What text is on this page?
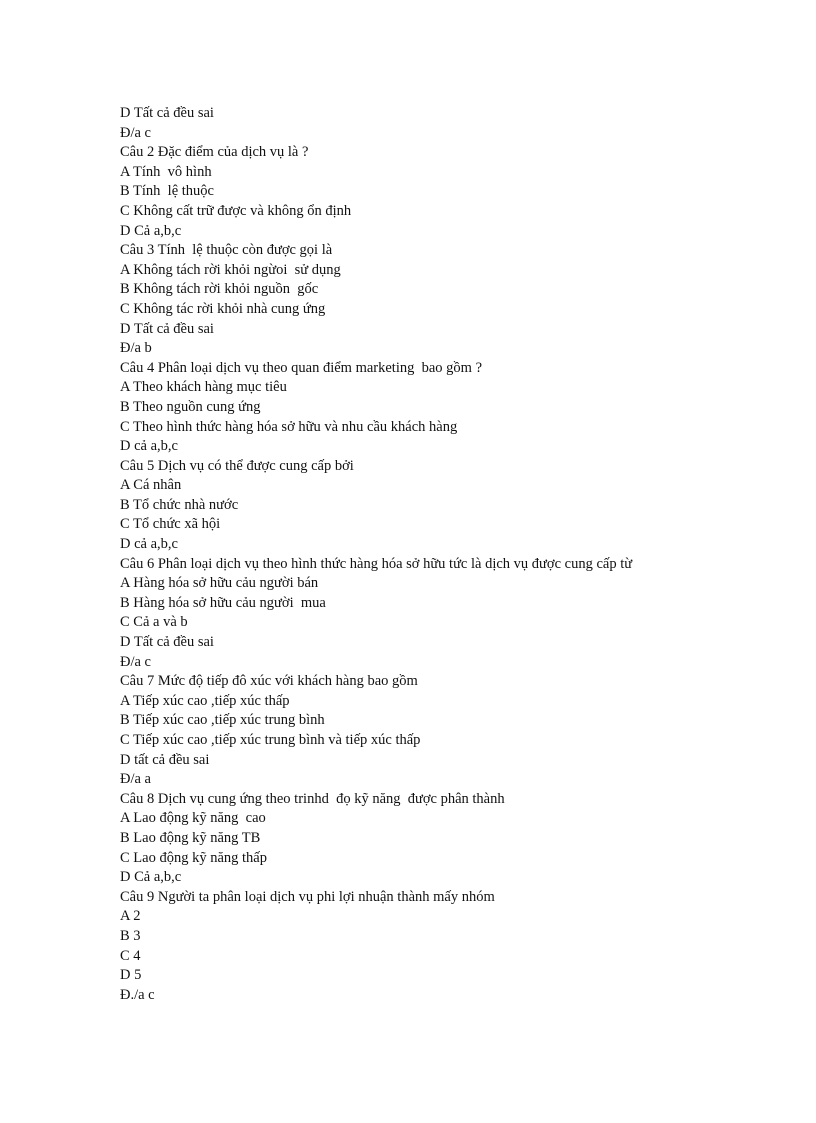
D Tất cả đều sai

Đ/a c

Câu 2 Đặc điểm của dịch vụ là ?

A Tính  vô hình

B Tính  lệ thuộc

C Không cất trữ được và không ổn định

D Cả a,b,c

Câu 3 Tính  lệ thuộc còn được gọi là

A Không tách rời khỏi ngừoi  sử dụng

B Không tách rời khỏi nguồn  gốc

C Không tác rời khỏi nhà cung ứng

D Tất cả đều sai

Đ/a b

Câu 4 Phân loại dịch vụ theo quan điểm marketing  bao gồm ?

A Theo khách hàng mục tiêu

B Theo nguồn cung ứng

C Theo hình thức hàng hóa sở hữu và nhu cầu khách hàng

D cả a,b,c

Câu 5 Dịch vụ có thể được cung cấp bởi

A Cá nhân

B Tổ chức nhà nước

C Tổ chức xã hội

D cả a,b,c

Câu 6 Phân loại dịch vụ theo hình thức hàng hóa sở hữu tức là dịch vụ được cung cấp từ

A Hàng hóa sở hữu cảu người bán

B Hàng hóa sở hữu cảu người  mua

C Cả a và b

D Tất cả đều sai

Đ/a c

Câu 7 Mức độ tiếp đô xúc với khách hàng bao gồm

A Tiếp xúc cao ,tiếp xúc thấp

B Tiếp xúc cao ,tiếp xúc trung bình

C Tiếp xúc cao ,tiếp xúc trung bình và tiếp xúc thấp

D tất cả đều sai

Đ/a a

Câu 8 Dịch vụ cung ứng theo trinhd  đọ kỹ năng  được phân thành

A Lao động kỹ năng  cao

B Lao động kỹ năng TB

C Lao động kỹ năng thấp

D Cả a,b,c

Câu 9 Người ta phân loại dịch vụ phi lợi nhuận thành mấy nhóm

A 2

B 3

C 4

D 5

Đ./a c
